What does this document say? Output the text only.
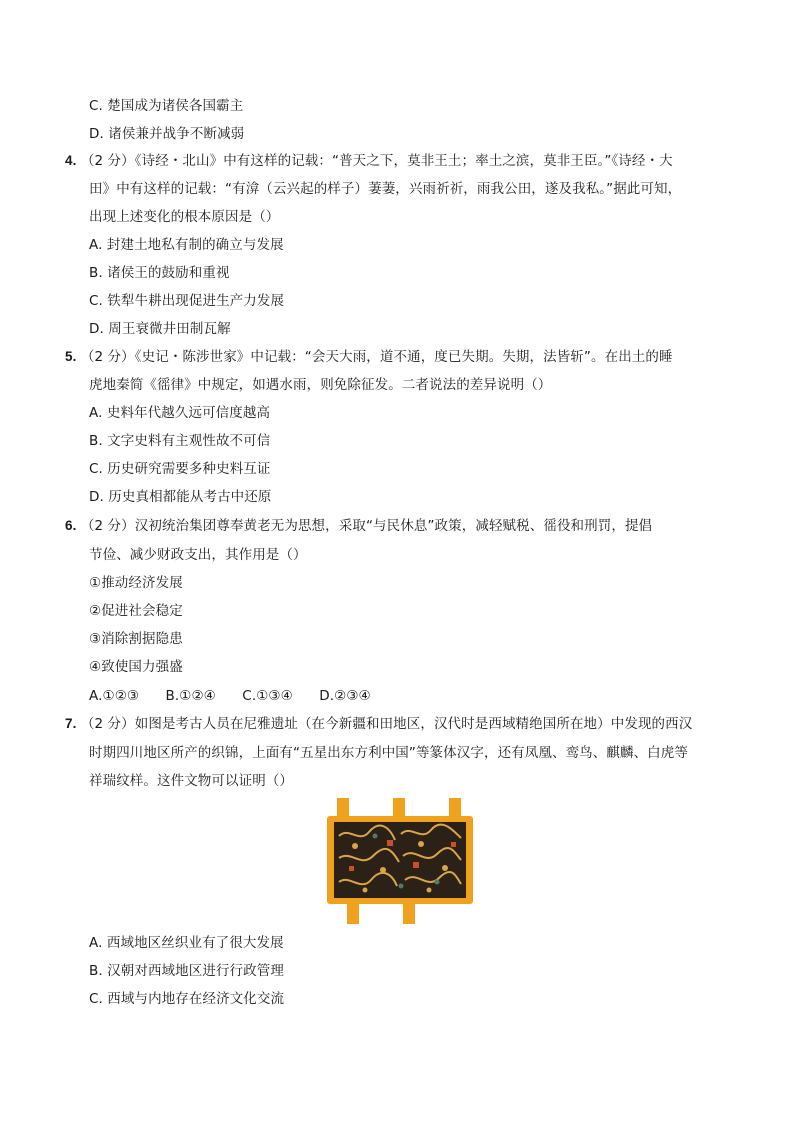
C. 楚国成为诸侯各国霸主
D. 诸侯兼并战争不断减弱
4. （2 分）《诗经・北山》中有这样的记载：“普天之下，莫非王土；率土之滨，莫非王臣。”《诗经・大
田》中有这样的记载：“有渰（云兴起的样子）萋萋，兴雨祈祈，雨我公田，遂及我私。”据此可知，
出现上述变化的根本原因是（）
A. 封建土地私有制的确立与发展
B. 诸侯王的鼓励和重视
C. 铁犁牛耕出现促进生产力发展
D. 周王衰微井田制瓦解
5. （2 分）《史记・陈涉世家》中记载：“会天大雨，道不通，度已失期。失期，法皆斩”。在出土的睡
虎地秦简《徭律》中规定，如遇水雨，则免除征发。二者说法的差异说明（）
A. 史料年代越久远可信度越高
B. 文字史料有主观性故不可信
C. 历史研究需要多种史料互证
D. 历史真相都能从考古中还原
6. （2 分）汉初统治集团尊奉黄老无为思想，采取“与民休息”政策，减轻赋税、徭役和刑罚，提倡
节俭、减少财政支出，其作用是（）
①推动经济发展
②促进社会稳定
③消除割据隐患
④致使国力强盛
A.①②③ B.①②④ C.①③④ D.②③④
7. （2 分）如图是考古人员在尼雅遗址（在今新疆和田地区，汉代时是西域精绝国所在地）中发现的西汉
时期四川地区所产的织锦，上面有“五星出东方利中国”等篆体汉字，还有凤凰、鸾鸟、麒麟、白虎等
祥瑞纹样。这件文物可以证明（）
A. 西域地区丝织业有了很大发展
B. 汉朝对西域地区进行行政管理
C. 西域与内地存在经济文化交流
